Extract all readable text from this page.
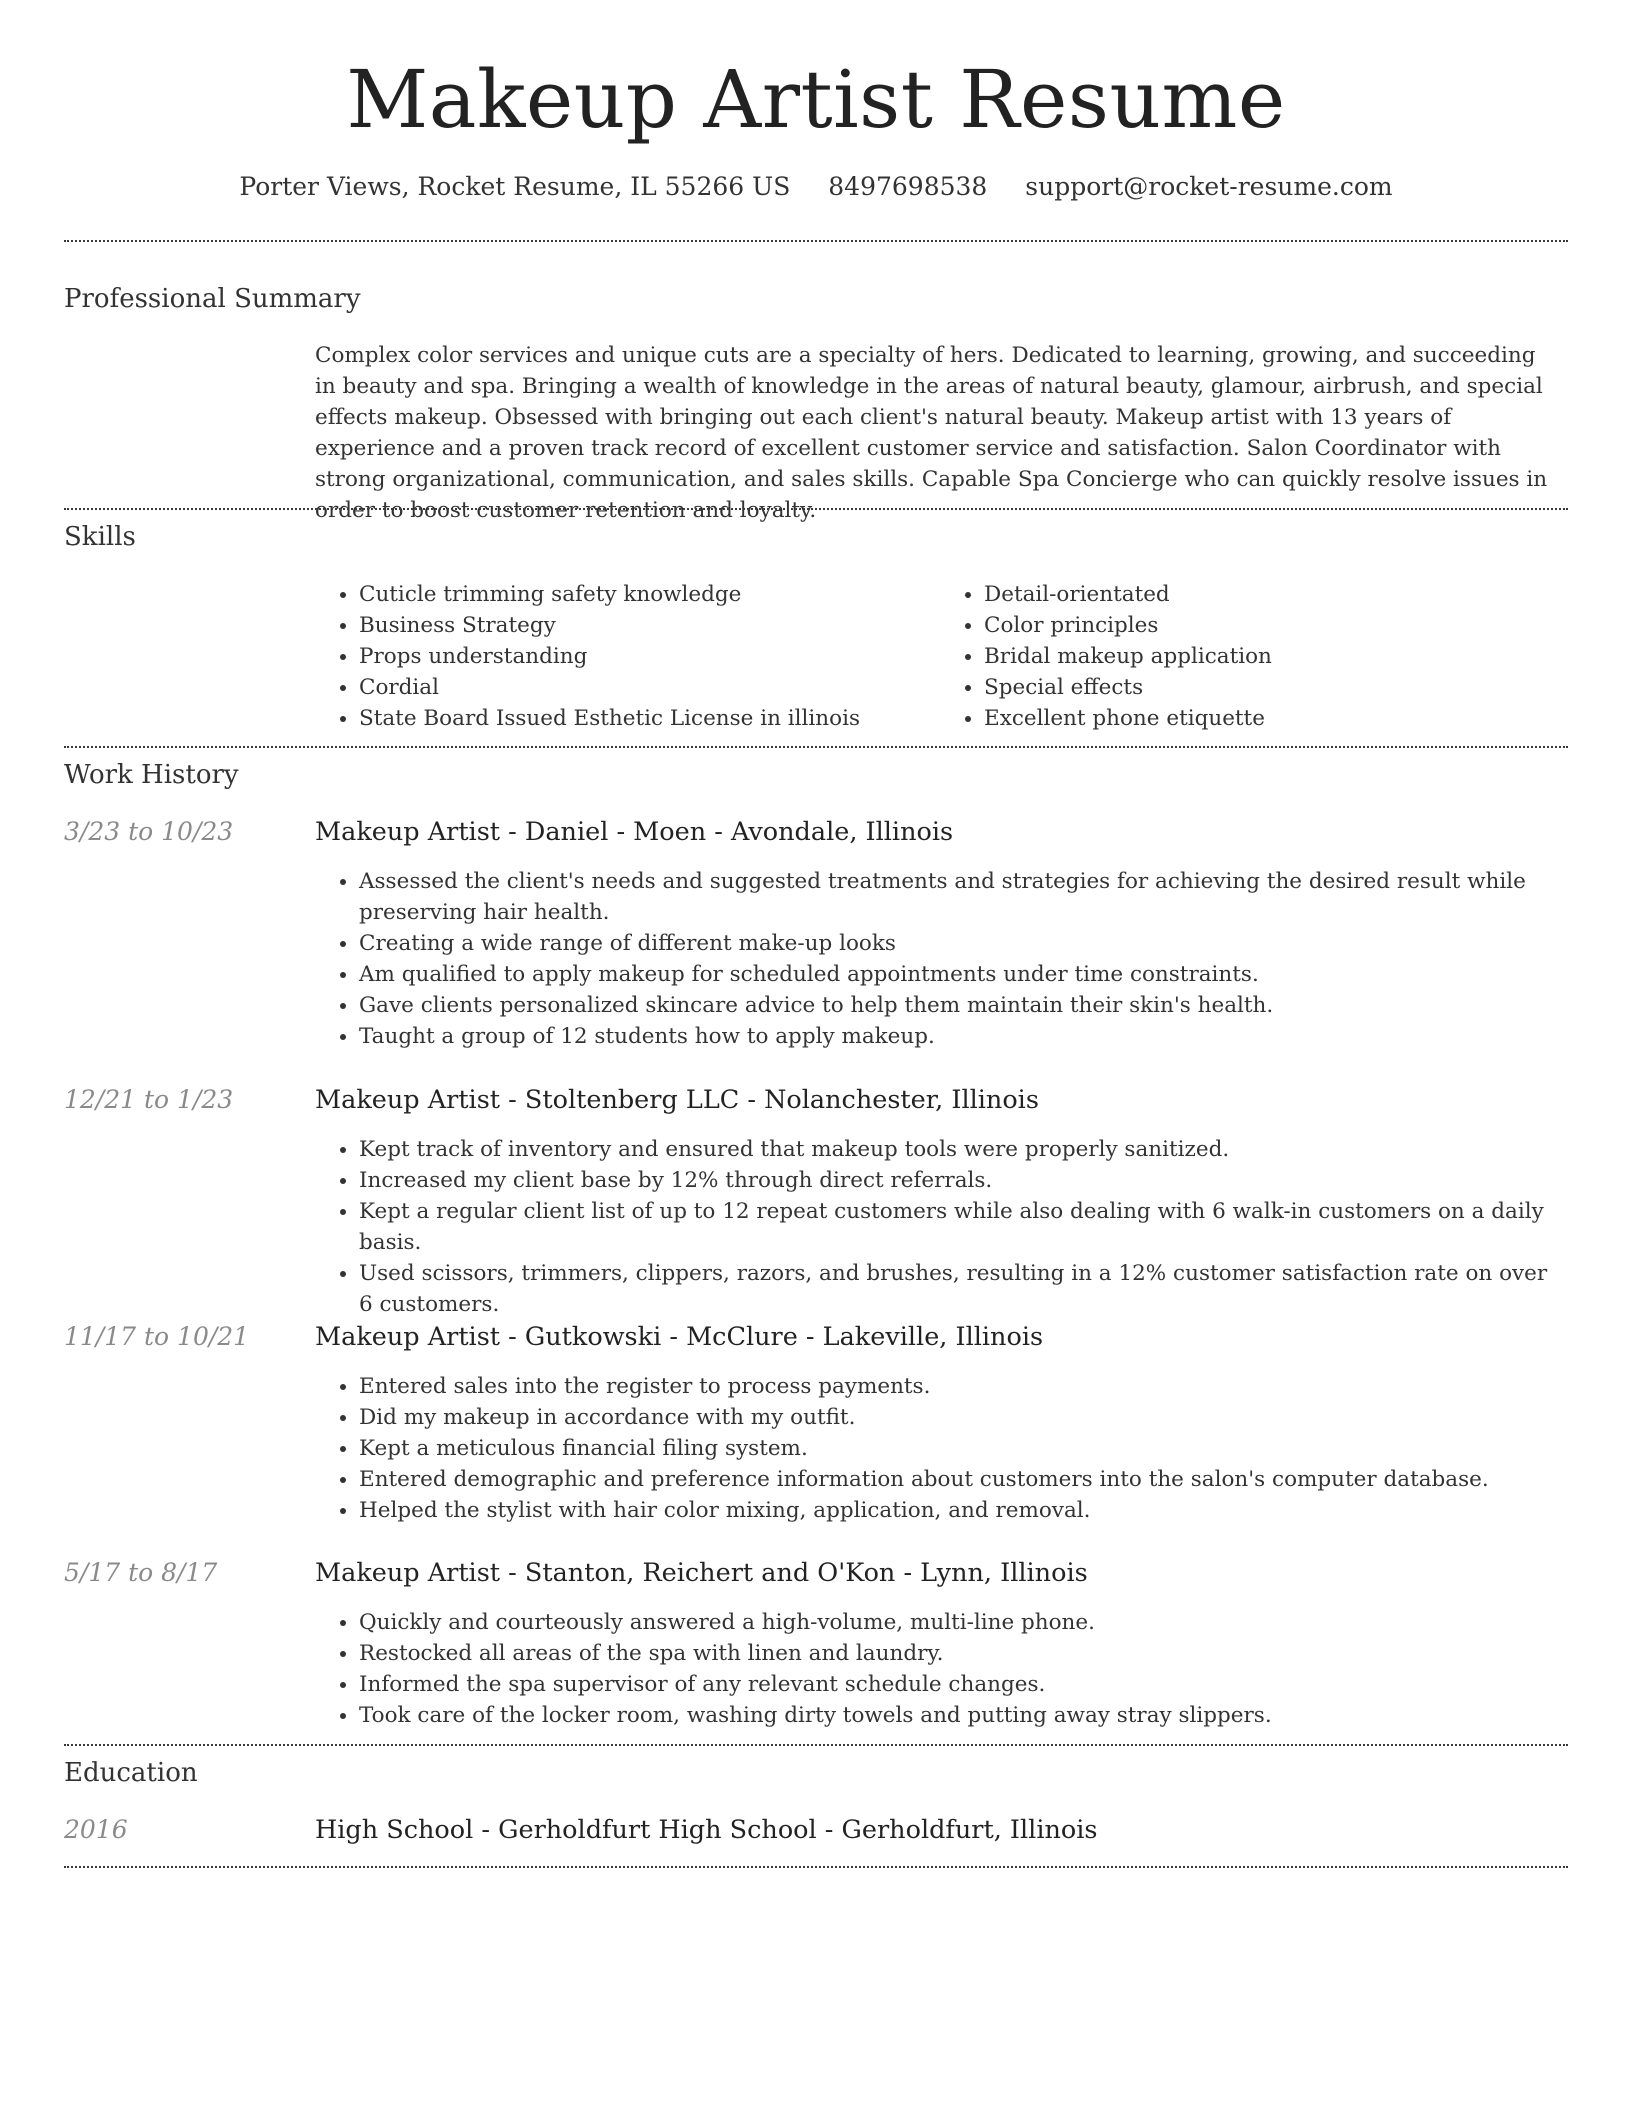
Makeup Artist Resume
Porter Views, Rocket Resume, IL 55266 US 8497698538 support@rocket-resume.com
Professional Summary

Complex color services and unique cuts are a specialty of hers. Dedicated to learning, growing, and succeeding in beauty and spa. Bringing a wealth of knowledge in the areas of natural beauty, glamour, airbrush, and special effects makeup. Obsessed with bringing out each client's natural beauty. Makeup artist with 13 years of experience and a proven track record of excellent customer service and satisfaction. Salon Coordinator with strong organizational, communication, and sales skills. Capable Spa Concierge who can quickly resolve issues in order to boost customer retention and loyalty.

Skills
• Cuticle trimming safety knowledge
• Business Strategy
• Props understanding
• Cordial
• State Board Issued Esthetic License in illinois
• Detail-orientated
• Color principles
• Bridal makeup application
• Special effects
• Excellent phone etiquette
Work History
3/23 to 10/23	Makeup Artist - Daniel - Moen - Avondale, Illinois
• Assessed the client's needs and suggested treatments and strategies for achieving the desired result while preserving hair health.
• Creating a wide range of different make-up looks
• Am qualified to apply makeup for scheduled appointments under time constraints.
• Gave clients personalized skincare advice to help them maintain their skin's health.
• Taught a group of 12 students how to apply makeup.
12/21 to 1/23	Makeup Artist - Stoltenberg LLC - Nolanchester, Illinois
• Kept track of inventory and ensured that makeup tools were properly sanitized.
• Increased my client base by 12% through direct referrals.
• Kept a regular client list of up to 12 repeat customers while also dealing with 6 walk-in customers on a daily basis.
• Used scissors, trimmers, clippers, razors, and brushes, resulting in a 12% customer satisfaction rate on over 6 customers.
11/17 to 10/21	Makeup Artist - Gutkowski - McClure - Lakeville, Illinois
• Entered sales into the register to process payments.
• Did my makeup in accordance with my outfit.
• Kept a meticulous financial filing system.
• Entered demographic and preference information about customers into the salon's computer database.
• Helped the stylist with hair color mixing, application, and removal.
5/17 to 8/17	Makeup Artist - Stanton, Reichert and O'Kon - Lynn, Illinois
• Quickly and courteously answered a high-volume, multi-line phone.
• Restocked all areas of the spa with linen and laundry.
• Informed the spa supervisor of any relevant schedule changes.
• Took care of the locker room, washing dirty towels and putting away stray slippers.
Education
2016	High School - Gerholdfurt High School - Gerholdfurt, Illinois
